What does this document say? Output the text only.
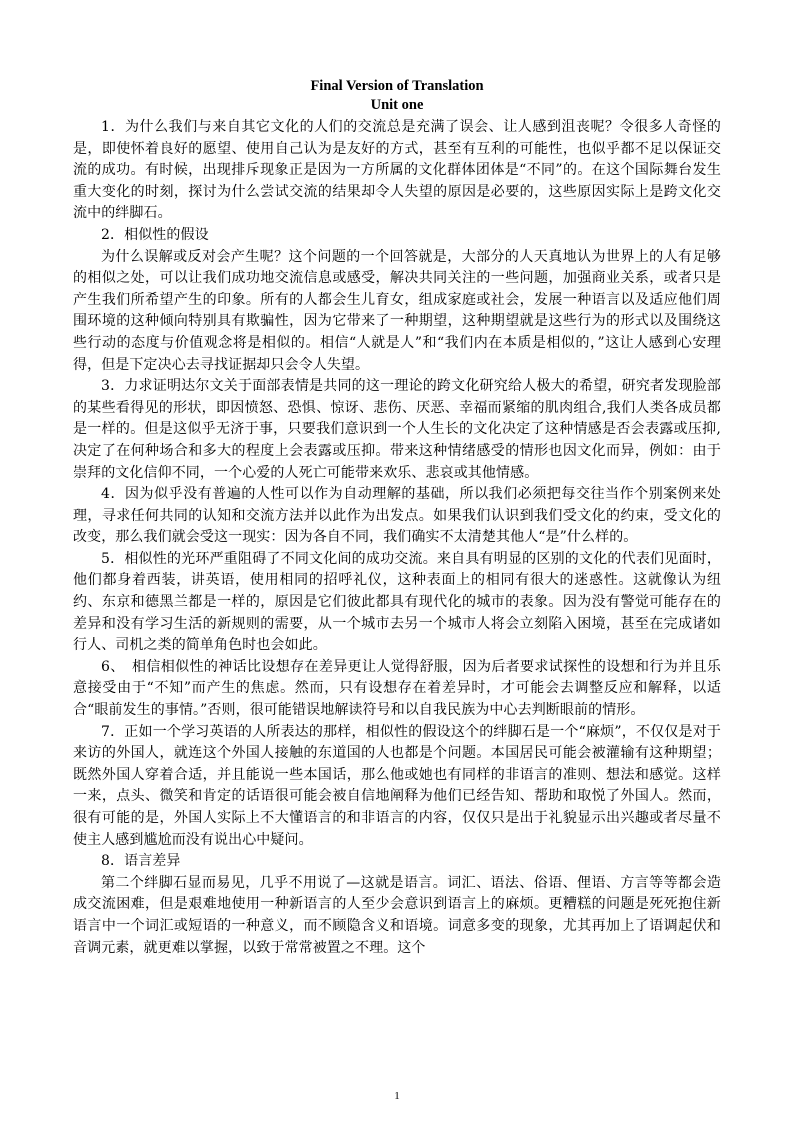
Final Version of Translation
Unit one

1．为什么我们与来自其它文化的人们的交流总是充满了误会、让人感到沮丧呢？令很多人奇怪的是，即使怀着良好的愿望、使用自己认为是友好的方式，甚至有互利的可能性，也似乎都不足以保证交流的成功。有时候，出现排斥现象正是因为一方所属的文化群体团体是“不同”的。在这个国际舞台发生重大变化的时刻，探讨为什么尝试交流的结果却令人失望的原因是必要的，这些原因实际上是跨文化交流中的绊脚石。

2．相似性的假设

为什么误解或反对会产生呢？这个问题的一个回答就是，大部分的人天真地认为世界上的人有足够的相似之处，可以让我们成功地交流信息或感受，解决共同关注的一些问题，加强商业关系，或者只是产生我们所希望产生的印象。所有的人都会生儿育女，组成家庭或社会，发展一种语言以及适应他们周围环境的这种倾向特别具有欺骗性，因为它带来了一种期望，这种期望就是这些行为的形式以及围绕这些行动的态度与价值观念将是相似的。相信“人就是人”和“我们内在本质是相似的，”这让人感到心安理得，但是下定决心去寻找证据却只会令人失望。

3．力求证明达尔文关于面部表情是共同的这一理论的跨文化研究给人极大的希望，研究者发现脸部的某些看得见的形状，即因愤怒、恐惧、惊讶、悲伤、厌恶、幸福而紧缩的肌肉组合,我们人类各成员都是一样的。但是这似乎无济于事，只要我们意识到一个人生长的文化决定了这种情感是否会表露或压抑,决定了在何种场合和多大的程度上会表露或压抑。带来这种情绪感受的情形也因文化而异，例如：由于崇拜的文化信仰不同，一个心爱的人死亡可能带来欢乐、悲哀或其他情感。

4．因为似乎没有普遍的人性可以作为自动理解的基础，所以我们必须把每交往当作个别案例来处理，寻求任何共同的认知和交流方法并以此作为出发点。如果我们认识到我们受文化的约束，受文化的改变，那么我们就会受这一现实：因为各自不同，我们确实不太清楚其他人“是”什么样的。

5．相似性的光环严重阻碍了不同文化间的成功交流。来自具有明显的区别的文化的代表们见面时，他们都身着西装，讲英语，使用相同的招呼礼仪，这种表面上的相同有很大的迷惑性。这就像认为纽约、东京和德黑兰都是一样的，原因是它们彼此都具有现代化的城市的表象。因为没有警觉可能存在的差异和没有学习生活的新规则的需要，从一个城市去另一个城市人将会立刻陷入困境，甚至在完成诸如行人、司机之类的简单角色时也会如此。

6、　相信相似性的神话比设想存在差异更让人觉得舒服，因为后者要求试探性的设想和行为并且乐意接受由于“不知”而产生的焦虑。然而，只有设想存在着差异时，才可能会去调整反应和解释，以适合“眼前发生的事情。”否则，很可能错误地解读符号和以自我民族为中心去判断眼前的情形。

7．正如一个学习英语的人所表达的那样，相似性的假设这个的绊脚石是一个“麻烦”，不仅仅是对于来访的外国人，就连这个外国人接触的东道国的人也都是个问题。本国居民可能会被灌输有这种期望；既然外国人穿着合适，并且能说一些本国话，那么他或她也有同样的非语言的准则、想法和感觉。这样一来，点头、微笑和肯定的话语很可能会被自信地阐释为他们已经告知、帮助和取悦了外国人。然而，很有可能的是，外国人实际上不大懂语言的和非语言的内容，仅仅只是出于礼貌显示出兴趣或者尽量不使主人感到尴尬而没有说出心中疑问。

8．语言差异

第二个绊脚石显而易见，几乎不用说了—这就是语言。词汇、语法、俗语、俚语、方言等等都会造成交流困难，但是艰难地使用一种新语言的人至少会意识到语言上的麻烦。更糟糕的问题是死死抱住新语言中一个词汇或短语的一种意义，而不顾隐含义和语境。词意多变的现象，尤其再加上了语调起伏和音调元素，就更难以掌握，以致于常常被置之不理。这个

1
